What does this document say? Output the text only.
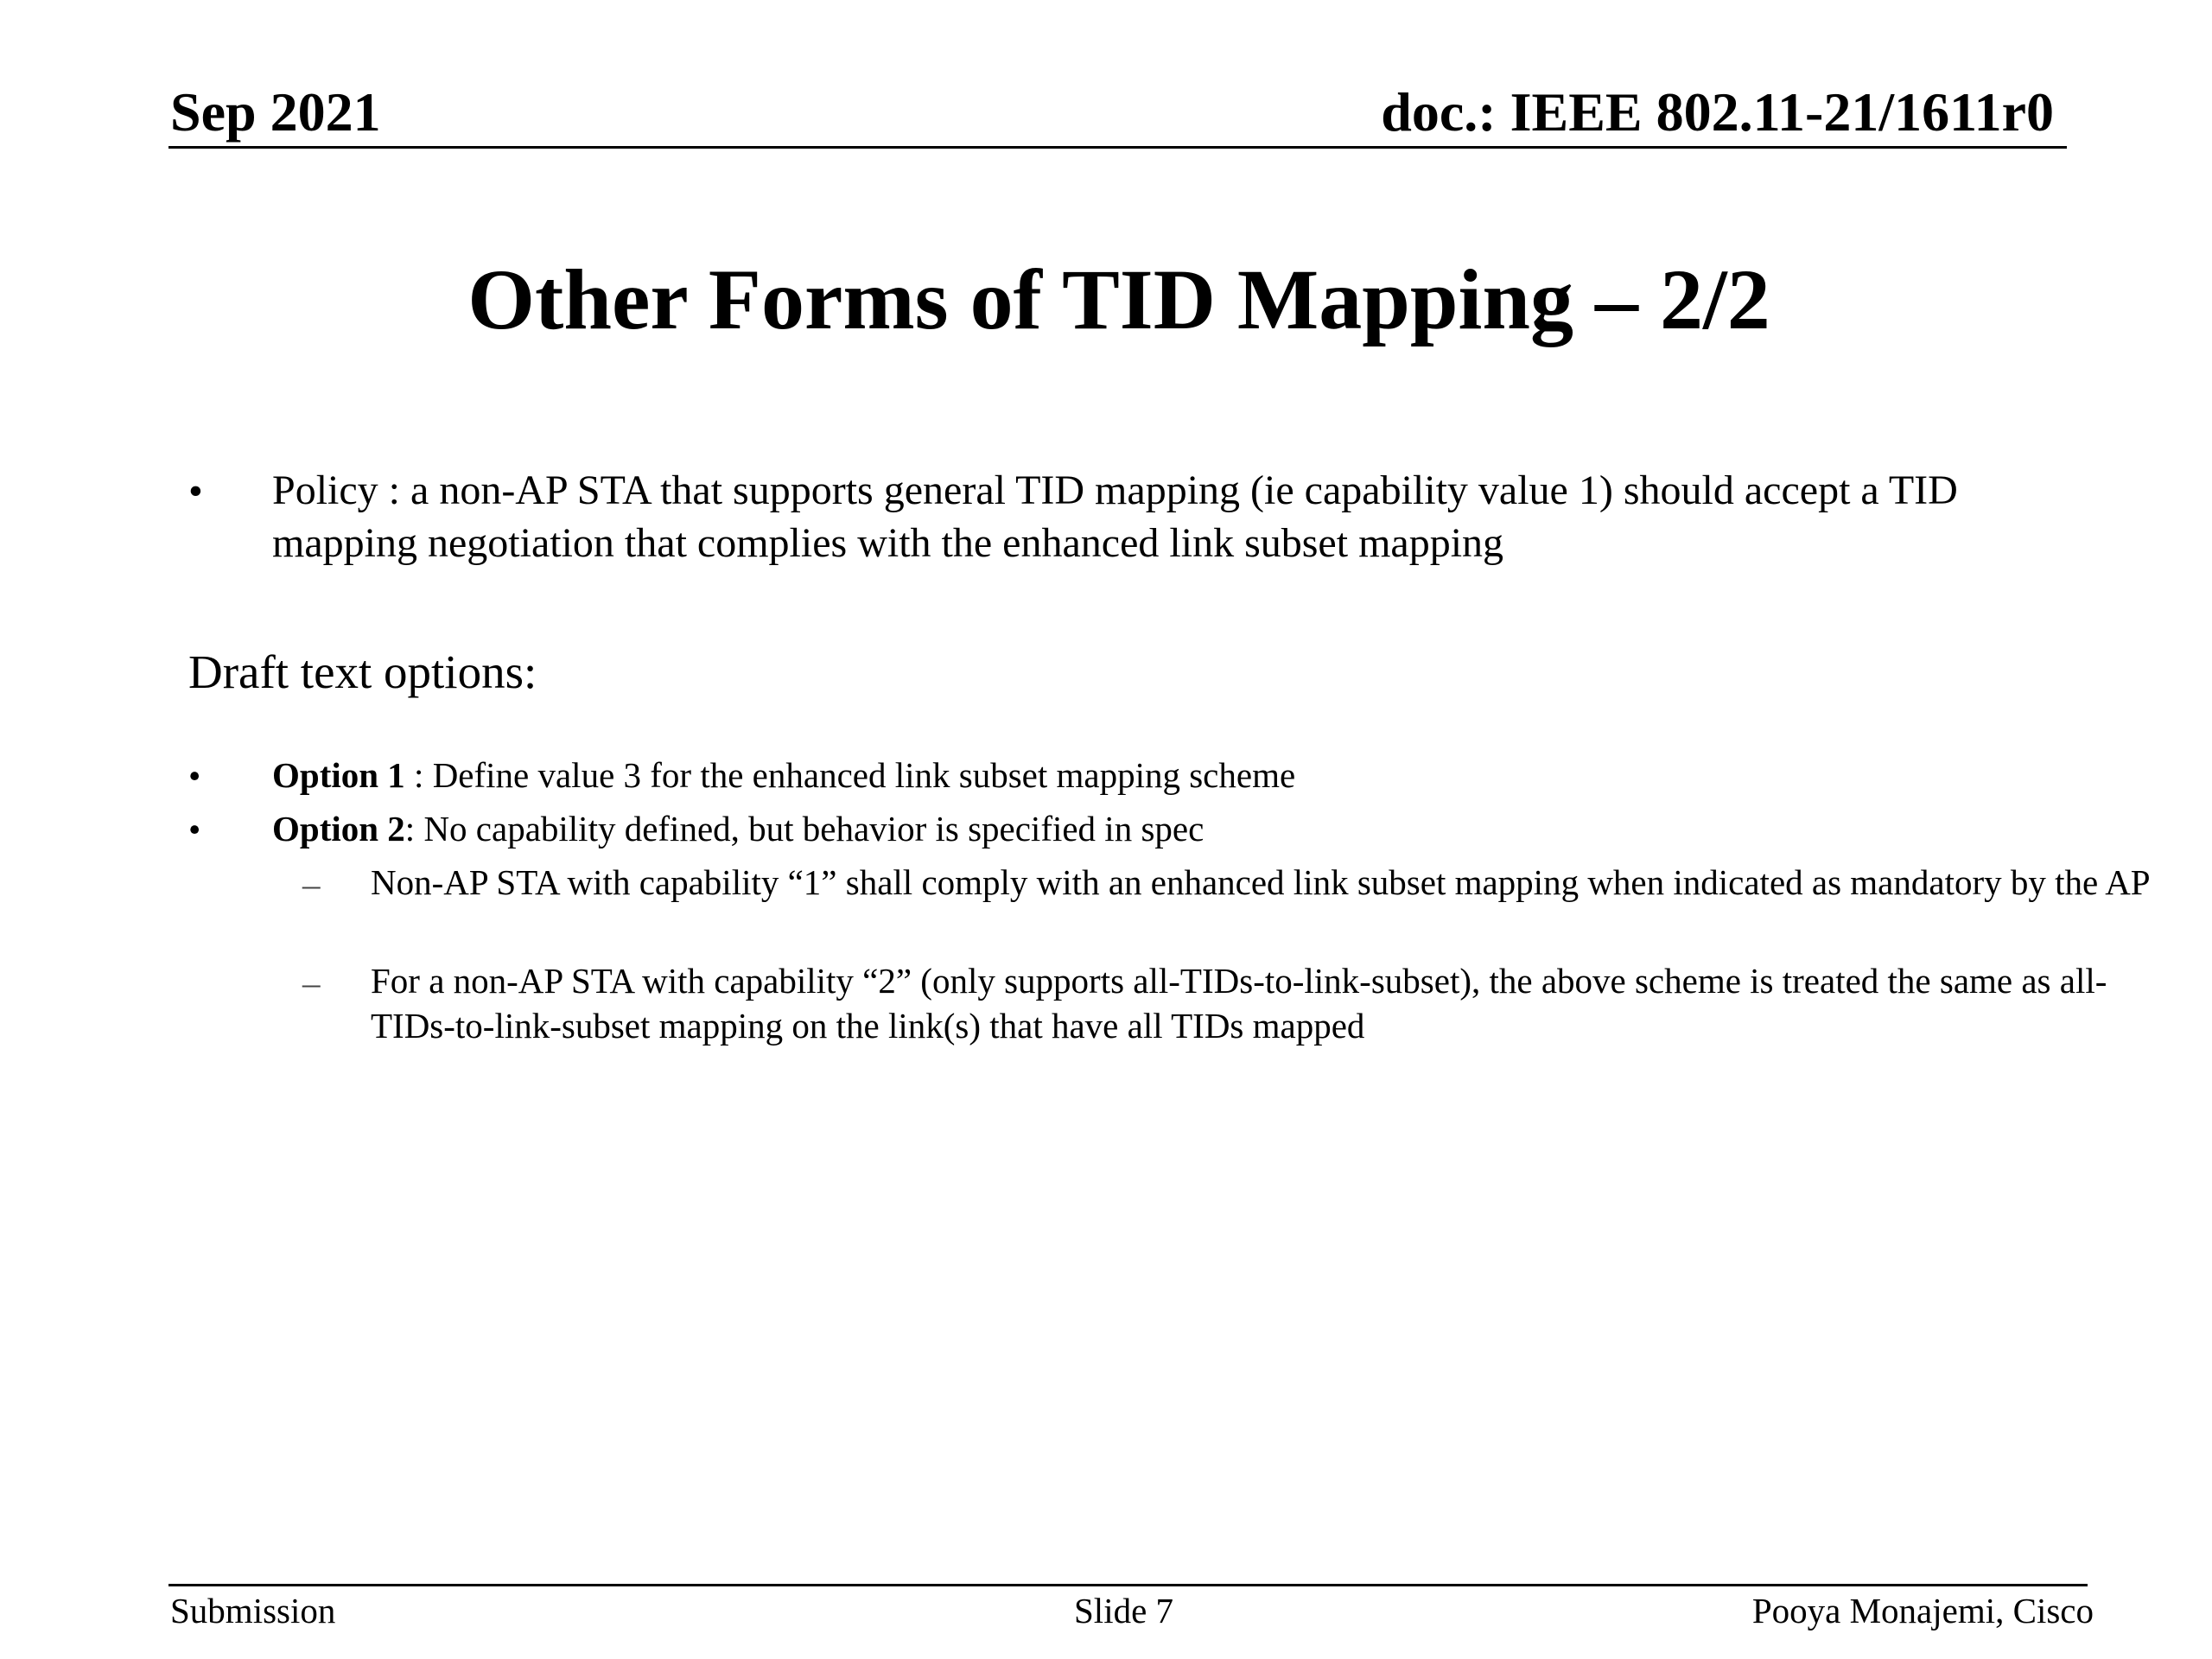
Sep 2021	doc.: IEEE 802.11-21/1611r0
Other Forms of TID Mapping – 2/2
• Policy : a non-AP STA that supports general TID mapping (ie capability value 1) should accept a TID mapping negotiation that complies with the enhanced link subset mapping
Draft text options:
• Option 1 : Define value 3 for the enhanced link subset mapping scheme
• Option 2: No capability defined, but behavior is specified in spec
– Non-AP STA with capability “1” shall comply with an enhanced link subset mapping when indicated as mandatory by the AP
– For a non-AP STA with capability “2” (only supports all-TIDs-to-link-subset), the above scheme is treated the same as all-TIDs-to-link-subset mapping on the link(s) that have all TIDs mapped
Submission	Slide 7	Pooya Monajemi, Cisco
